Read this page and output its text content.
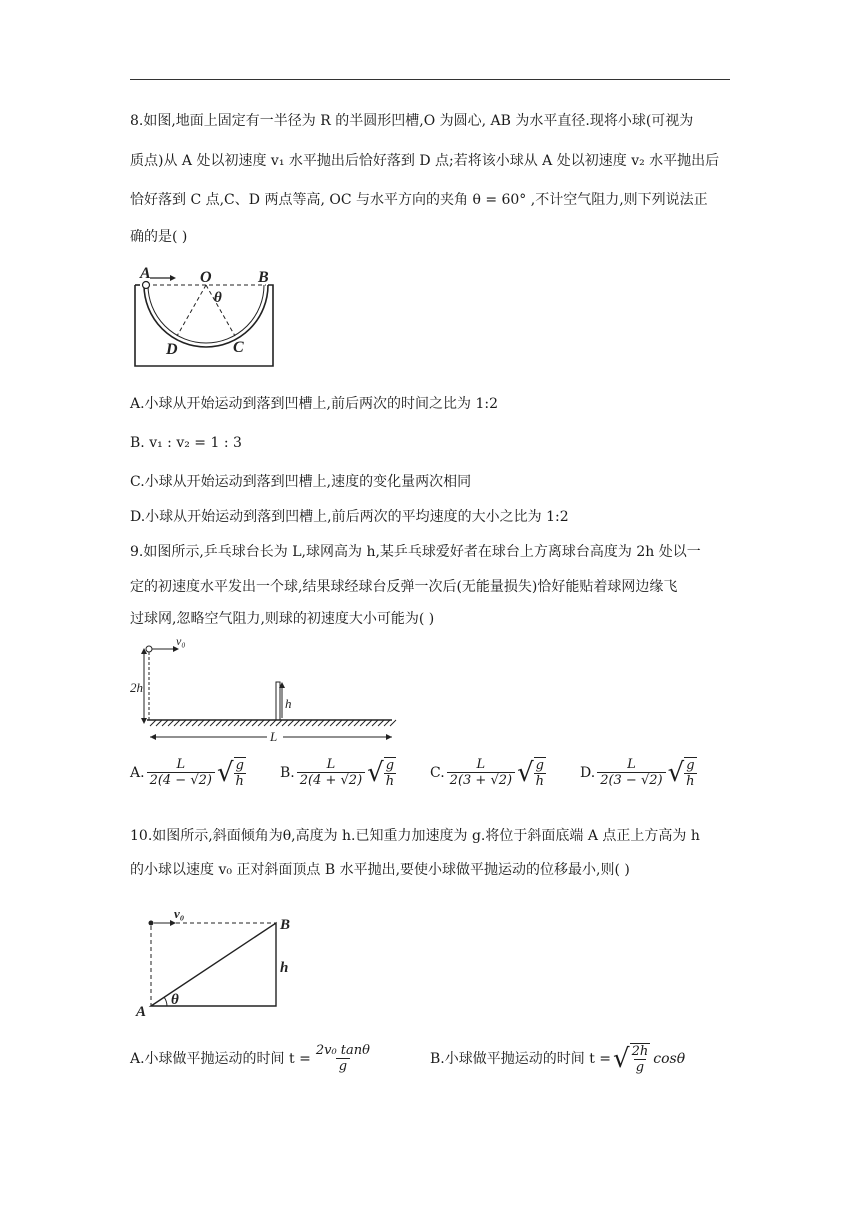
8.如图,地面上固定有一半径为 R 的半圆形凹槽,O 为圆心, AB 为水平直径.现将小球(可视为
质点)从 A 处以初速度 v₁ 水平抛出后恰好落到 D 点;若将该小球从 A 处以初速度 v₂ 水平抛出后
恰好落到 C 点,C、D 两点等高, OC 与水平方向的夹角 θ = 60° ,不计空气阻力,则下列说法正
确的是( )
A	O	B
θ
D	C
A.小球从开始运动到落到凹槽上,前后两次的时间之比为 1:2
B. v₁ : v₂ = 1 : 3
C.小球从开始运动到落到凹槽上,速度的变化量两次相同
D.小球从开始运动到落到凹槽上,前后两次的平均速度的大小之比为 1:2
9.如图所示,乒乓球台长为 L,球网高为 h,某乒乓球爱好者在球台上方离球台高度为 2h 处以一
定的初速度水平发出一个球,结果球经球台反弹一次后(无能量损失)恰好能贴着球网边缘飞
过球网,忽略空气阻力,则球的初速度大小可能为( )
v₀
2h
h
L
A. $\frac{L}{2(4 - √2)}$ √ $\frac{g}{h} B$. $\frac{L}{2(4 + √2)}$ √ $\frac{g}{h} C$. $\frac{L}{2(3 + √2)}$ √ $\frac{g}{h} D$. $\frac{L}{2(3 - √2)}$ √ $\frac{g}{h}$
10.如图所示,斜面倾角为θ,高度为 h.已知重力加速度为 g.将位于斜面底端 A 点正上方高为 h
的小球以速度 v₀ 正对斜面顶点 B 水平抛出,要使小球做平抛运动的位移最小,则( )
v₀
B
h
A
θ
A.小球做平抛运动的时间 $t = \frac{\text{2v₀ tanθ}}{g}$	B.小球做平抛运动的时间 t = √ $\frac{2h}{g}$ cosθ
